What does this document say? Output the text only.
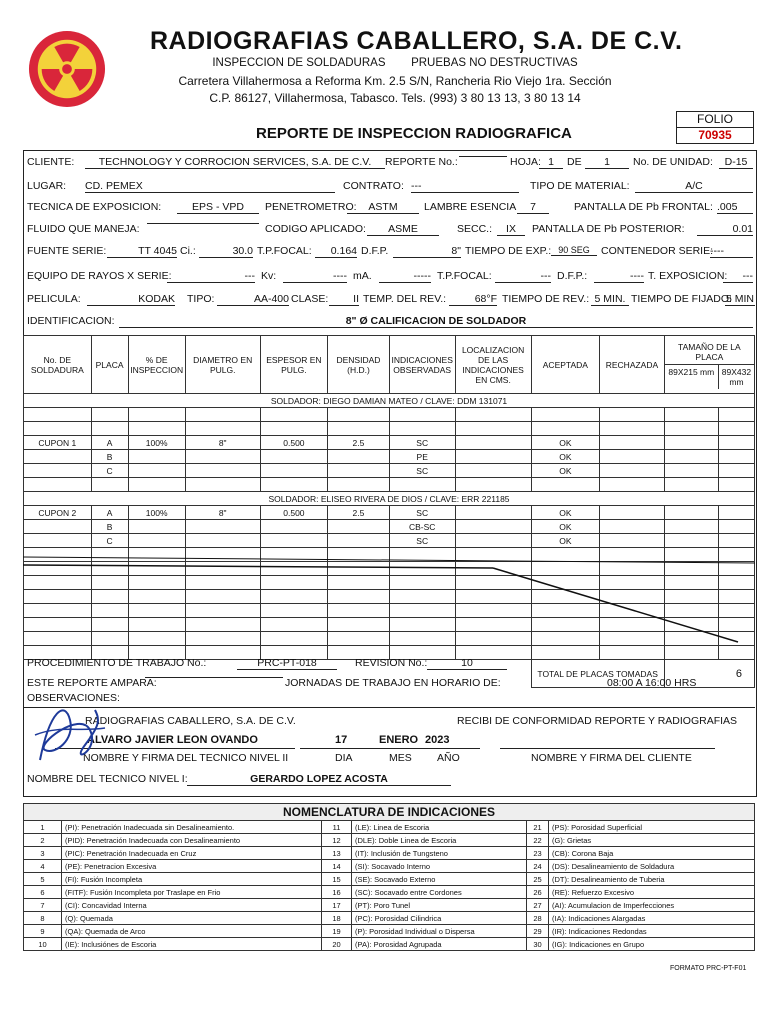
RADIOGRAFIAS CABALLERO, S.A. DE C.V.
INSPECCION DE SOLDADURAS PRUEBAS NO DESTRUCTIVAS
Carretera Villahermosa a Reforma Km. 2.5 S/N, Rancheria Rio Viejo 1ra. Sección
C.P. 86127, Villahermosa, Tabasco. Tels. (993) 3 80 13 13, 3 80 13 14
FOLIO
70935
REPORTE DE INSPECCION RADIOGRAFICA
CLIENTE:	TECHNOLOGY Y CORROCION SERVICES, S.A. DE C.V.	REPORTE No.:	HOJA: 1	DE	1	No. DE UNIDAD:	D-15
LUGAR: CD. PEMEX	CONTRATO: ---	TIPO DE MATERIAL:	A/C
TECNICA DE EXPOSICION:	EPS - VPD	PENETROMETRO:	ASTM	LAMBRE ESENCIA	7	PANTALLA DE Pb FRONTAL: .005
FLUIDO QUE MANEJA:	CODIGO APLICADO:	ASME	SECC.:	IX	PANTALLA DE Pb POSTERIOR:	0.01
FUENTE SERIE:	TT 4045 Ci.:	30.0 T.P.FOCAL:	0.164 D.F.P.	8" TIEMPO DE EXP.: 90 SEG	CONTENEDOR SERIE:
----
EQUIPO DE RAYOS X SERIE:	--- Kv:	---- mA.	----- T.P.FOCAL:	--- D.F.P.:	---- T. EXPOSICION:	---
PELICULA:	KODAK TIPO:	AA-400 CLASE:	II TEMP. DEL REV.:	68°F TIEMPO DE REV.: 5 MIN. TIEMPO DE FIJADO:
5 MIN
IDENTIFICACION:	8" Ø CALIFICACION DE SOLDADOR
No. DE SOLDADURA	PLACA	% DE INSPECCION	DIAMETRO EN PULG.	ESPESOR EN PULG.	DENSIDAD (H.D.)	INDICACIONES OBSERVADAS	LOCALIZACION DE LAS INDICACIONES EN CMS.	ACEPTADA	RECHAZADA	TAMAÑO DE LA PLACA
89X215 mm 89X432 mm	

SOLDADOR: DIEGO DAMIAN MATEO / CLAVE: DDM 131071											

CUPON 1	A	100%	8"	0.500	2.5	SC		OK			
	B					PE		OK			
	C					SC		OK			

SOLDADOR: ELISEO RIVERA DE DIOS / CLAVE: ERR 221185											
CUPON 2	A	100%	8"	0.500	2.5	SC		OK			
	B					CB-SC		OK			
	C					SC		OK			

								TOTAL DE PLACAS TOMADAS		6	
PROCEDIMIENTO DE TRABAJO No.:	PRC-PT-018	REVISION No.:	10
ESTE REPORTE AMPARA:	JORNADAS DE TRABAJO EN HORARIO DE:	08:00 A 16:00 HRS
OBSERVACIONES:
RADIOGRAFIAS CABALLERO, S.A. DE C.V.	RECIBI DE CONFORMIDAD REPORTE Y RADIOGRAFIAS
ALVARO JAVIER LEON OVANDO	17	ENERO 2023
NOMBRE Y FIRMA DEL TECNICO NIVEL II	DIA	MES AÑO	NOMBRE Y FIRMA DEL CLIENTE
NOMBRE DEL TECNICO NIVEL I:	GERARDO LOPEZ ACOSTA
NOMENCLATURA DE INDICACIONES
1	(PI): Penetración Inadecuada sin Desalineamiento.	11	(LE): Linea de Escoria	21	(PS): Porosidad Superficial
2	(PID): Penetración Inadecuada con Desalineamiento	12	(DLE): Doble Linea de Escoria	22	(G): Grietas
3	(PIC): Penetración Inadecuada en Cruz	13	(IT): Inclusión de Tungsteno	23	(CB): Corona Baja
4	(PE): Penetracion Excesiva	14	(SI): Socavado Interno	24	(DS): Desalineamiento de Soldadura
5	(FI): Fusión Incompleta	15	(SE): Socavado Externo	25	(DT): Desalineamiento de Tuberia
6	(FITF): Fusión Incompleta por Traslape en Frio	16	(SC): Socavado entre Cordones	26	(RE): Refuerzo Excesivo
7	(CI): Concavidad Interna	17	(PT): Poro Tunel	27	(AI): Acumulacion de Imperfecciones
8	(Q): Quemada	18	(PC): Porosidad Cilindrica	28	(IA): Indicaciones Alargadas
9	(QA): Quemada de Arco	19	(P): Porosidad Individual o Dispersa	29	(IR): Indicaciones Redondas
10	(IE): Inclusiónes de Escoria	20	(PA): Porosidad Agrupada	30	(IG): Indicaciones en Grupo
FORMATO PRC-PT-F01
